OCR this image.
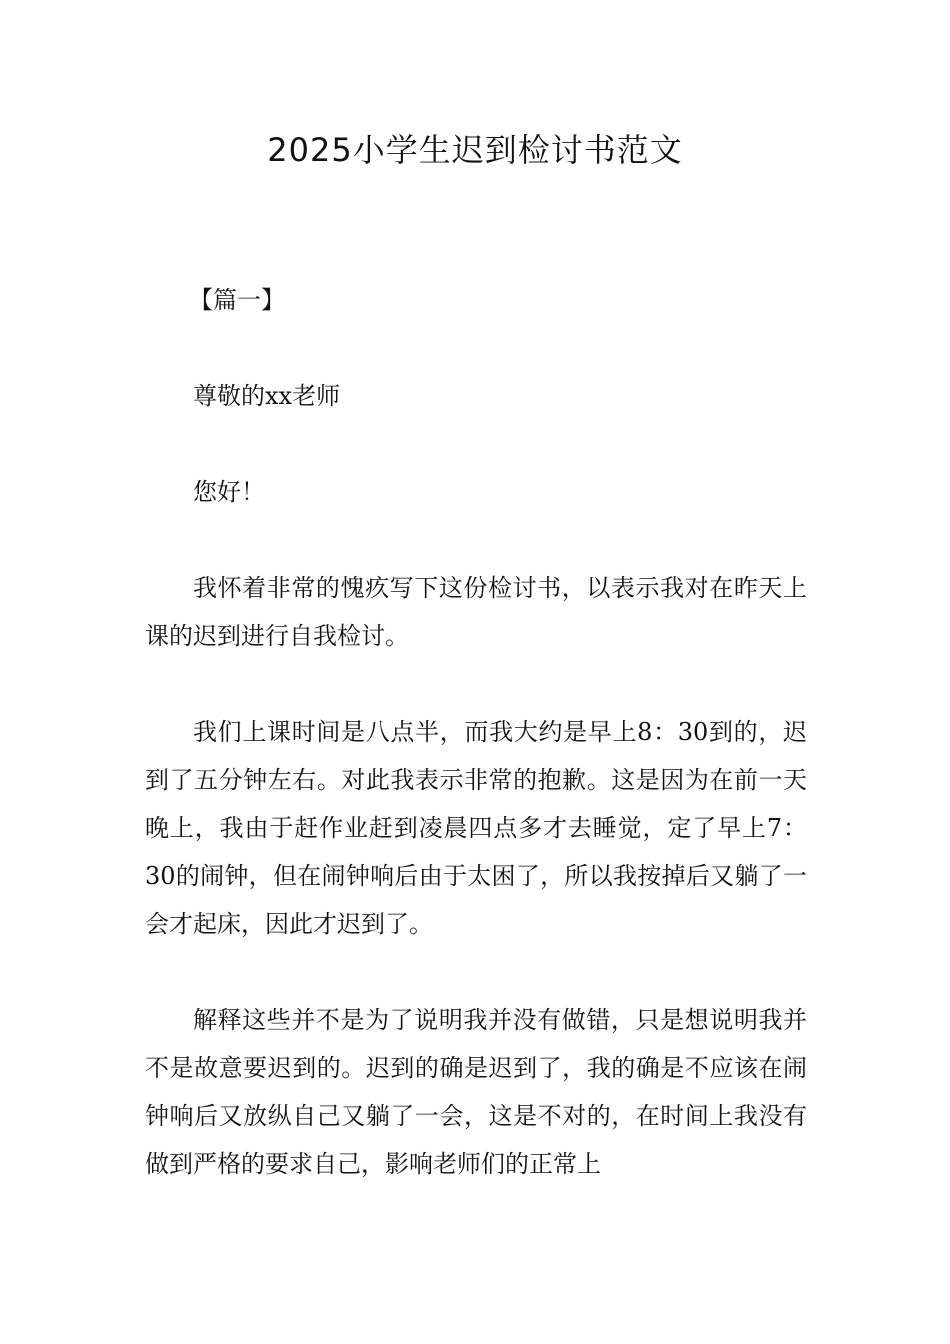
2025小学生迟到检讨书范文

【篇一】

尊敬的xx老师

您好！

我怀着非常的愧疚写下这份检讨书，以表示我对在昨天上课的迟到进行自我检讨。

我们上课时间是八点半，而我大约是早上8：30到的，迟到了五分钟左右。对此我表示非常的抱歉。这是因为在前一天晚上，我由于赶作业赶到凌晨四点多才去睡觉，定了早上7：30的闹钟，但在闹钟响后由于太困了，所以我按掉后又躺了一会才起床，因此才迟到了。

解释这些并不是为了说明我并没有做错，只是想说明我并不是故意要迟到的。迟到的确是迟到了，我的确是不应该在闹钟响后又放纵自己又躺了一会，这是不对的，在时间上我没有做到严格的要求自己，影响老师们的正常上
